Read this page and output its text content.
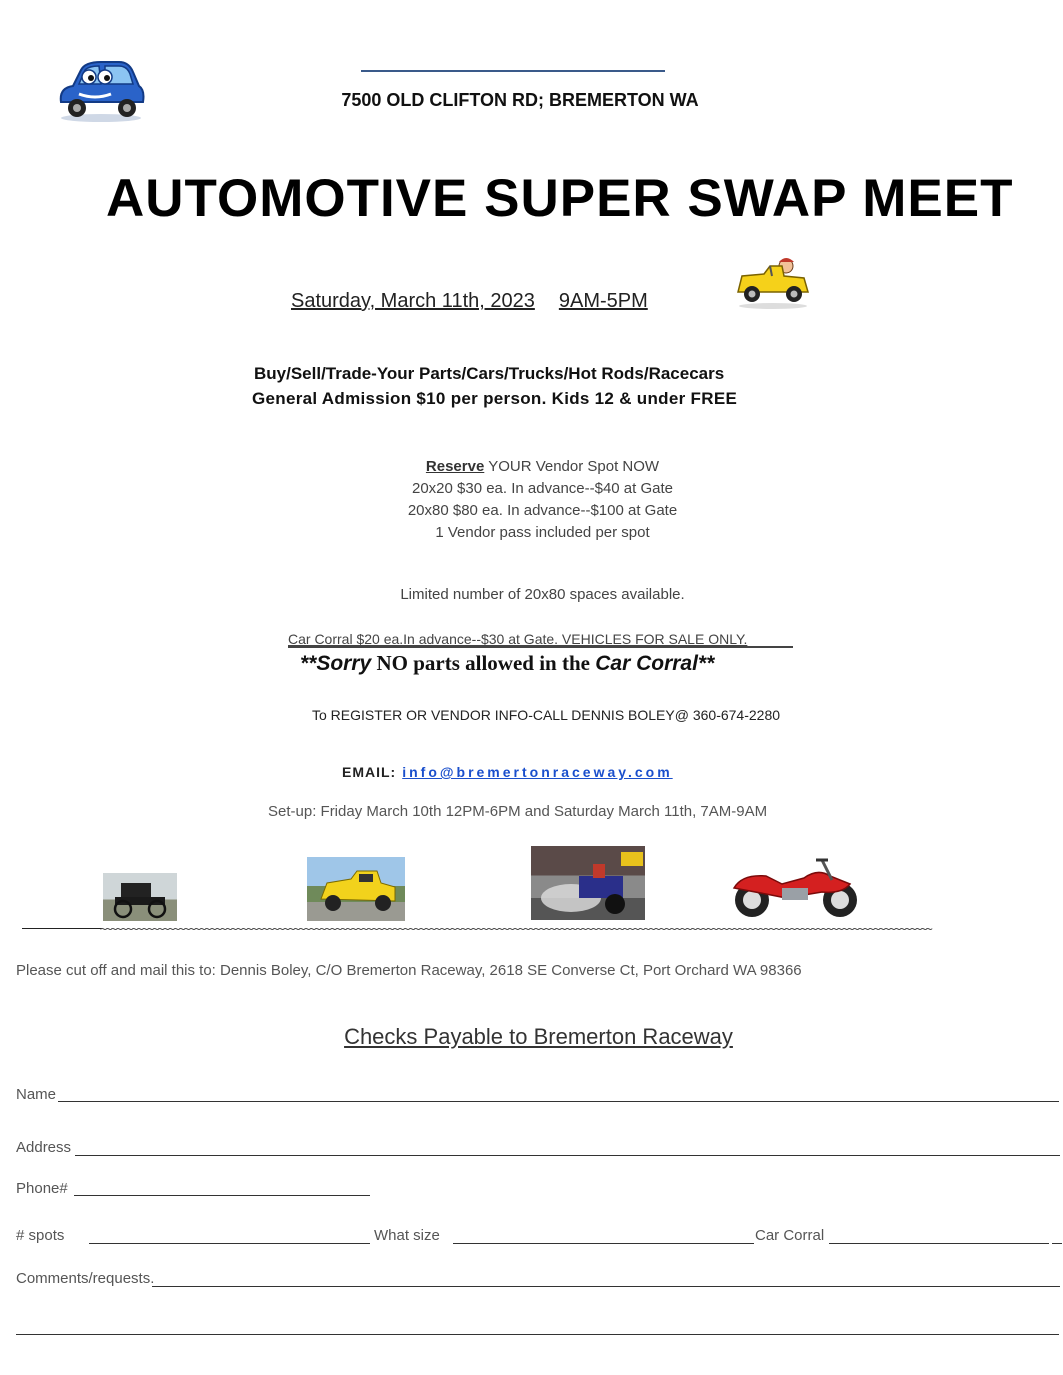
7500 OLD CLIFTON RD; BREMERTON WA
AUTOMOTIVE SUPER SWAP MEET
Saturday, March 11th, 2023 9AM-5PM
Buy/Sell/Trade-Your Parts/Cars/Trucks/Hot Rods/Racecars
General Admission $10 per person. Kids 12 & under FREE
Reserve YOUR Vendor Spot NOW
20x20 $30 ea. In advance--$40 at Gate
20x80 $80 ea. In advance--$100 at Gate
1 Vendor pass included per spot
Limited number of 20x80 spaces available.
Car Corral $20 ea.In advance--$30 at Gate. VEHICLES FOR SALE ONLY.
**Sorry NO parts allowed in the Car Corral**
To REGISTER OR VENDOR INFO-CALL DENNIS BOLEY@ 360-674-2280
EMAIL: info@bremertonraceway.com
Set-up: Friday March 10th 12PM-6PM and Saturday March 11th, 7AM-9AM
~~~~~~~~~~~~~~~~~~~~~~~~~~~~~~~~~~~~~~~~~~~~~~~~~~~~~~~~~~~~~~~~~~~~~~~~~~~~~~~~~~~~~~~~~~~~~~~~~~~~~~~~~~~~~~~~~~~~~~~~~~~~~~~~~~~~~~~~~~~~~~~~~~~~~~~~~~~~~~~
Please cut off and mail this to: Dennis Boley, C/O Bremerton Raceway, 2618 SE Converse Ct, Port Orchard WA 98366
Checks Payable to Bremerton Raceway
Name
Address
Phone#
# spots	What size	Car Corral
Comments/requests.
